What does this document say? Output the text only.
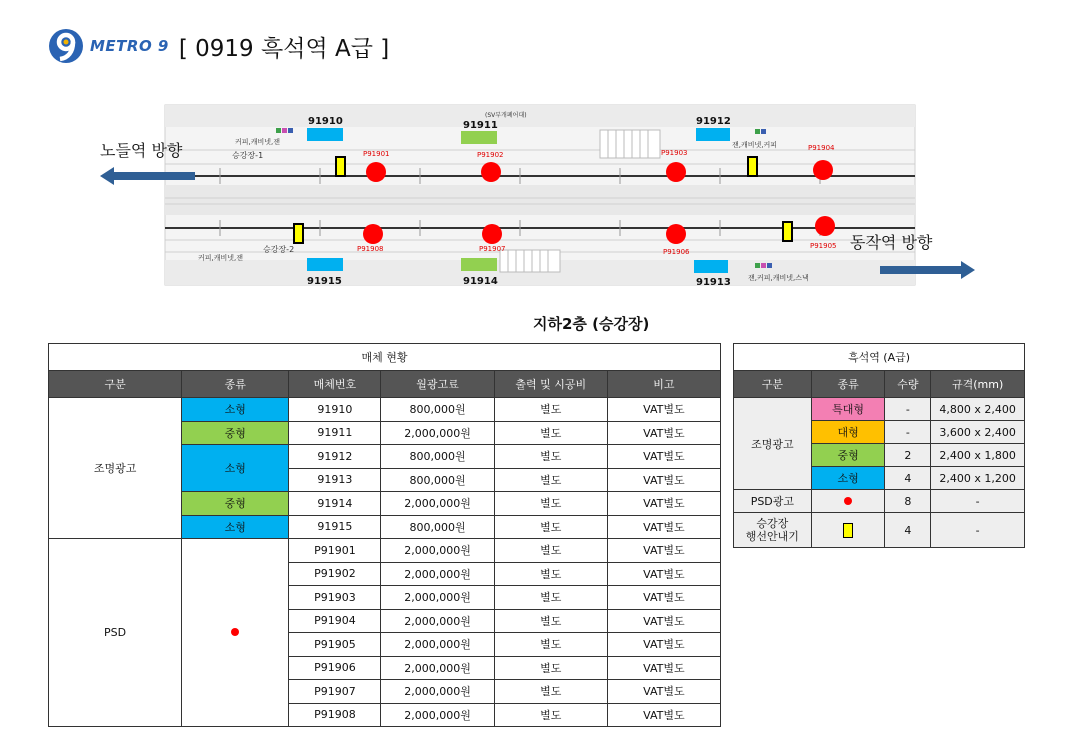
METRO 9 [ 0919 흑석역 A급 ]
노들역 방향
동작역 방향
승강장-1
승강장-2
(SV부개폐어대)
커피,캐비넷,잰	잰,캐비넷,커피
커피,캐비넷,잰
잰,커피,캐비넷,스낵
91910	91911	91912
91915	91914	91913
P91901	P91902	P91903
P91904
P91908	P91907	P91906
P91905
지하2층 (승강장)
매체 현황					
구분	종류	매체번호	월광고료	출력 및 시공비	비고
조명광고	소형	91910	800,000원	별도	VAT별도
	중형	91911	2,000,000원	별도	VAT별도
	소형	91912	800,000원	별도	VAT별도
		91913	800,000원	별도	VAT별도
	중형	91914	2,000,000원	별도	VAT별도
	소형	91915	800,000원	별도	VAT별도
PSD		P91901	2,000,000원	별도	VAT별도
		P91902	2,000,000원	별도	VAT별도
		P91903	2,000,000원	별도	VAT별도
		P91904	2,000,000원	별도	VAT별도
		P91905	2,000,000원	별도	VAT별도
		P91906	2,000,000원	별도	VAT별도
		P91907	2,000,000원	별도	VAT별도
		P91908	2,000,000원	별도	VAT별도
흑석역 (A급)			
구분	종류	수량	규격(mm)
조명광고	특대형	-	4,800 x 2,400
	대형	-	3,600 x 2,400
	중형	2	2,400 x 1,800
	소형	4	2,400 x 1,200
PSD광고		8	-
승강장
행선안내기		4	-
